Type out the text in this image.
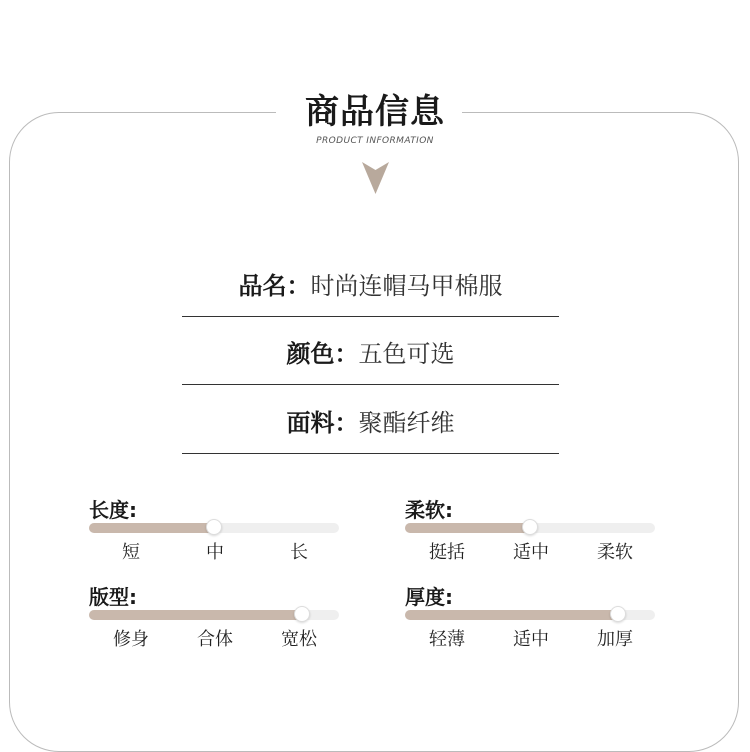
商品信息
PRODUCT INFORMATION
品名：时尚连帽马甲棉服
颜色：五色可选
面料：聚酯纤维
长度:
短	中	长
柔软:
挺括	适中	柔软
版型:
修身	合体	宽松
厚度:
轻薄	适中	加厚
